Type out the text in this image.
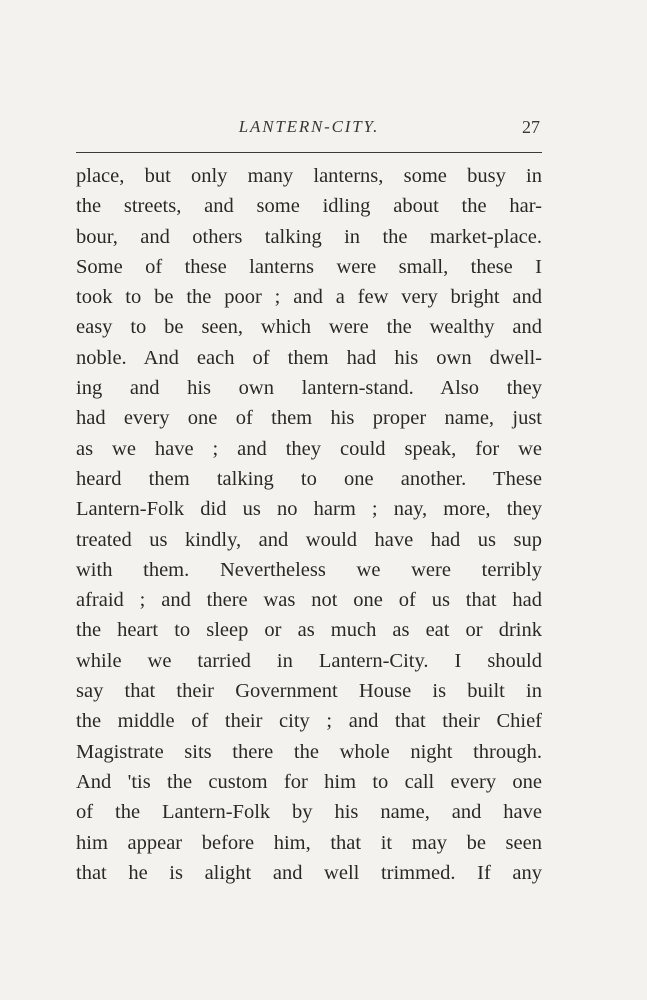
LANTERN-CITY.	27
place, but only many lanterns, some busy in
the streets, and some idling about the har-
bour, and others talking in the market-place.
Some of these lanterns were small, these I
took to be the poor ; and a few very bright and
easy to be seen, which were the wealthy and
noble. And each of them had his own dwell-
ing and his own lantern-stand. Also they
had every one of them his proper name, just
as we have ; and they could speak, for we
heard them talking to one another. These
Lantern-Folk did us no harm ; nay, more, they
treated us kindly, and would have had us sup
with them. Nevertheless we were terribly
afraid ; and there was not one of us that had
the heart to sleep or as much as eat or drink
while we tarried in Lantern-City. I should
say that their Government House is built in
the middle of their city ; and that their Chief
Magistrate sits there the whole night through.
And 'tis the custom for him to call every one
of the Lantern-Folk by his name, and have
him appear before him, that it may be seen
that he is alight and well trimmed. If any
